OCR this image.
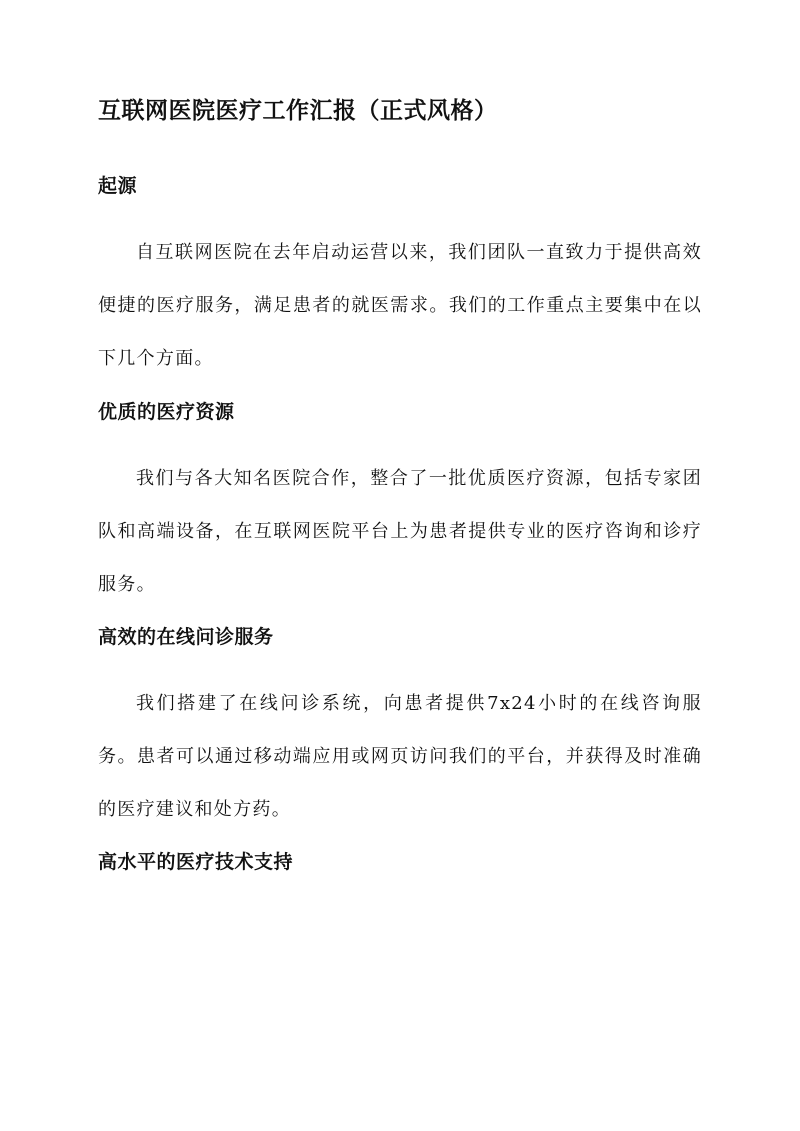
互联网医院医疗工作汇报（正式风格）
起源

自互联网医院在去年启动运营以来，我们团队一直致力于提供高效便捷的医疗服务，满足患者的就医需求。我们的工作重点主要集中在以下几个方面。

优质的医疗资源

我们与各大知名医院合作，整合了一批优质医疗资源，包括专家团队和高端设备，在互联网医院平台上为患者提供专业的医疗咨询和诊疗服务。

高效的在线问诊服务

我们搭建了在线问诊系统，向患者提供7x24小时的在线咨询服务。患者可以通过移动端应用或网页访问我们的平台，并获得及时准确的医疗建议和处方药。

高水平的医疗技术支持
